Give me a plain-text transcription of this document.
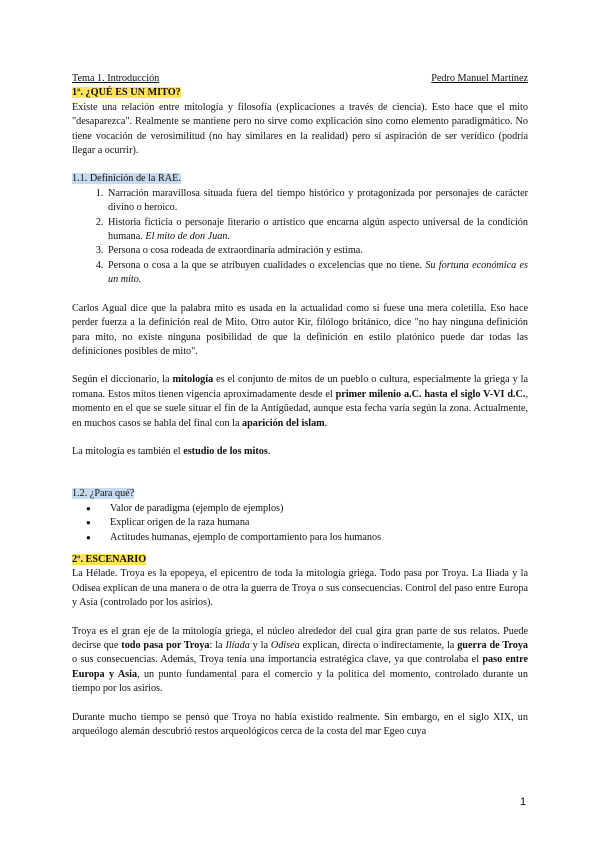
Tema 1. Introducción	Pedro Manuel Martínez
1º. ¿QUÉ ES UN MITO?

Existe una relación entre mitología y filosofía (explicaciones a través de ciencia). Esto hace que el mito "desaparezca". Realmente se mantiene pero no sirve como explicación sino como elemento paradigmático. No tiene vocación de verosimilitud (no hay similares en la realidad) pero sí aspiración de ser verídico (podría llegar a ocurrir).

1.1. Definición de la RAE.
1. Narración maravillosa situada fuera del tiempo histórico y protagonizada por personajes de carácter divino o heroico.
2. Historia ficticia o personaje literario o artístico que encarna algún aspecto universal de la condición humana. El mito de don Juan.
3. Persona o cosa rodeada de extraordinaria admiración y estima.
4. Persona o cosa a la que se atribuyen cualidades o excelencias que no tiene. Su fortuna económica es un mito.

Carlos Agual dice que la palabra mito es usada en la actualidad como si fuese una mera coletilla. Eso hace perder fuerza a la definición real de Mito. Otro autor Kir, filólogo británico, dice "no hay ninguna definición para mito, no existe ninguna posibilidad de que la definición en estilo platónico puede dar todas las definiciones posibles de mito".

Según el diccionario, la mitología es el conjunto de mitos de un pueblo o cultura, especialmente la griega y la romana. Estos mitos tienen vigencia aproximadamente desde el primer milenio a.C. hasta el siglo V-VI d.C., momento en el que se suele situar el fin de la Antigüedad, aunque esta fecha varía según la zona. Actualmente, en muchos casos se habla del final con la aparición del islam.

La mitología es también el estudio de los mitos.

1.2. ¿Para qué?
● Valor de paradigma (ejemplo de ejemplos)
● Explicar origen de la raza humana
● Actitudes humanas, ejemplo de comportamiento para los humanos
2º. ESCENARIO

La Hélade. Troya es la epopeya, el epicentro de toda la mitología griega. Todo pasa por Troya. La Iliada y la Odisea explican de una manera o de otra la guerra de Troya o sus consecuencias. Control del paso entre Europa y Asia (controlado por los asirios).

Troya es el gran eje de la mitología griega, el núcleo alrededor del cual gira gran parte de sus relatos. Puede decirse que todo pasa por Troya: la Ilíada y la Odisea explican, directa o indirectamente, la guerra de Troya o sus consecuencias. Además, Troya tenía una importancia estratégica clave, ya que controlaba el paso entre Europa y Asia, un punto fundamental para el comercio y la política del momento, controlado durante un tiempo por los asirios.

Durante mucho tiempo se pensó que Troya no había existido realmente. Sin embargo, en el siglo XIX, un arqueólogo alemán descubrió restos arqueológicos cerca de la costa del mar Egeo cuya

1
